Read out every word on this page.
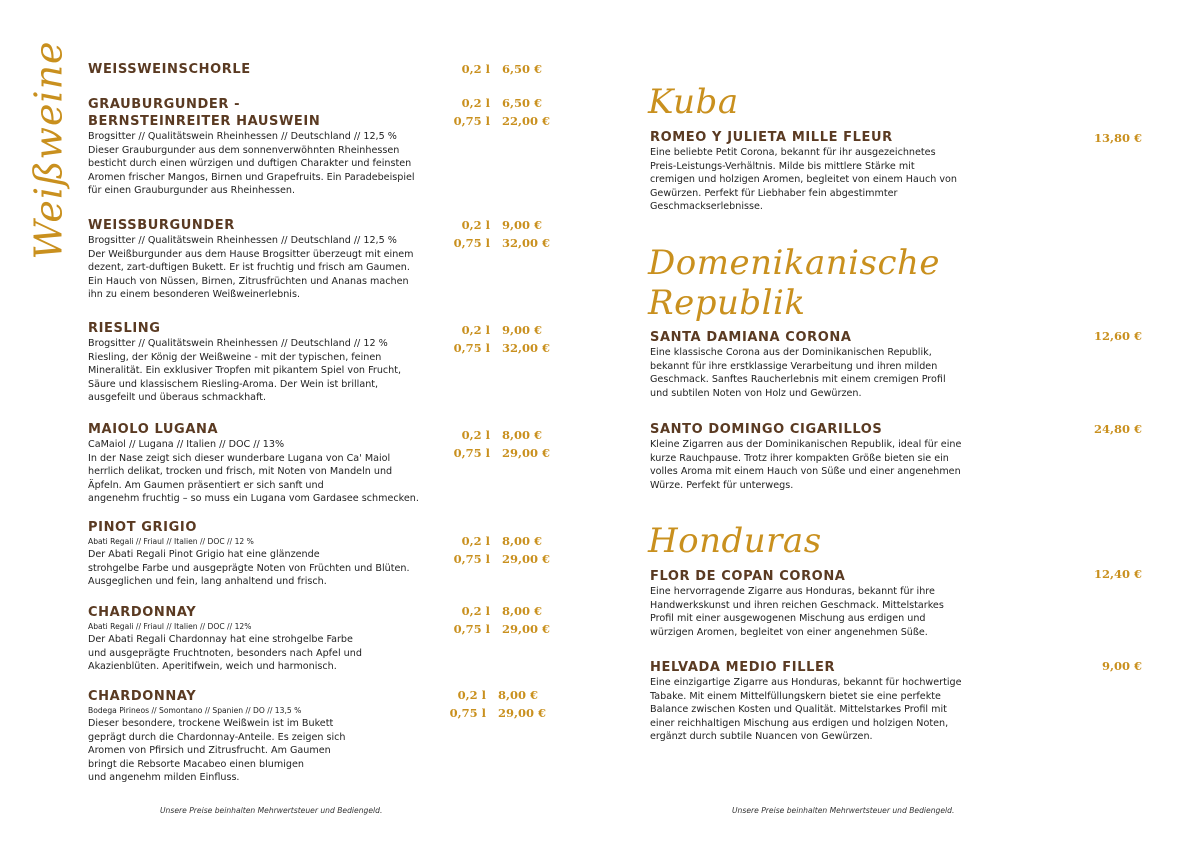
Weißweine WEISSWEINSCHORLE	0,2 l 6,50 €
GRAUBURGUNDER -
BERNSTEINREITER HAUSWEIN
Brogsitter // Qualitätswein Rheinhessen // Deutschland // 12,5 %
Dieser Grauburgunder aus dem sonnenverwöhnten Rheinhessen
besticht durch einen würzigen und duftigen Charakter und feinsten
Aromen frischer Mangos, Birnen und Grapefruits. Ein Paradebeispiel
für einen Grauburgunder aus Rheinhessen.
0,2 l 6,50 €
0,75 l 22,00 €
WEISSBURGUNDER
Brogsitter // Qualitätswein Rheinhessen // Deutschland // 12,5 %
Der Weißburgunder aus dem Hause Brogsitter überzeugt mit einem
dezent, zart-duftigen Bukett. Er ist fruchtig und frisch am Gaumen.
Ein Hauch von Nüssen, Birnen, Zitrusfrüchten und Ananas machen
ihn zu einem besonderen Weißweinerlebnis.
0,2 l 9,00 €
0,75 l 32,00 €
RIESLING
Brogsitter // Qualitätswein Rheinhessen // Deutschland // 12 %
Riesling, der König der Weißweine - mit der typischen, feinen
Mineralität. Ein exklusiver Tropfen mit pikantem Spiel von Frucht,
Säure und klassischem Riesling-Aroma. Der Wein ist brillant,
ausgefeilt und überaus schmackhaft.
0,2 l 9,00 €
0,75 l 32,00 €
MAIOLO LUGANA
CaMaiol // Lugana // Italien // DOC // 13%
In der Nase zeigt sich dieser wunderbare Lugana von Ca' Maiol
herrlich delikat, trocken und frisch, mit Noten von Mandeln und
Äpfeln. Am Gaumen präsentiert er sich sanft und
angenehm fruchtig – so muss ein Lugana vom Gardasee schmecken.
0,2 l 8,00 €
0,75 l 29,00 €
PINOT GRIGIO
Abati Regali // Friaul // Italien // DOC // 12 %
Der Abati Regali Pinot Grigio hat eine glänzende
strohgelbe Farbe und ausgeprägte Noten von Früchten und Blüten.
Ausgeglichen und fein, lang anhaltend und frisch.
0,2 l 8,00 €
0,75 l 29,00 €
CHARDONNAY
Abati Regali // Friaul // Italien // DOC // 12%
Der Abati Regali Chardonnay hat eine strohgelbe Farbe
und ausgeprägte Fruchtnoten, besonders nach Apfel und
Akazienblüten. Aperitifwein, weich und harmonisch.
0,2 l 8,00 €
0,75 l 29,00 €
CHARDONNAY
Bodega Pirineos // Somontano // Spanien // DO // 13,5 %
Dieser besondere, trockene Weißwein ist im Bukett
geprägt durch die Chardonnay-Anteile. Es zeigen sich
Aromen von Pfirsich und Zitrusfrucht. Am Gaumen
bringt die Rebsorte Macabeo einen blumigen
und angenehm milden Einfluss.
0,2 l 8,00 €
0,75 l 29,00 €
Unsere Preise beinhalten Mehrwertsteuer und Bediengeld.
Kuba
ROMEO Y JULIETA MILLE FLEUR
Eine beliebte Petit Corona, bekannt für ihr ausgezeichnetes
Preis-Leistungs-Verhältnis. Milde bis mittlere Stärke mit
cremigen und holzigen Aromen, begleitet von einem Hauch von
Gewürzen. Perfekt für Liebhaber fein abgestimmter
Geschmackserlebnisse.
13,80 €
Domenikanische
Republik
SANTA DAMIANA CORONA
Eine klassische Corona aus der Dominikanischen Republik,
bekannt für ihre erstklassige Verarbeitung und ihren milden
Geschmack. Sanftes Raucherlebnis mit einem cremigen Profil
und subtilen Noten von Holz und Gewürzen.
12,60 €
SANTO DOMINGO CIGARILLOS
Kleine Zigarren aus der Dominikanischen Republik, ideal für eine
kurze Rauchpause. Trotz ihrer kompakten Größe bieten sie ein
volles Aroma mit einem Hauch von Süße und einer angenehmen
Würze. Perfekt für unterwegs.
24,80 €
Honduras
FLOR DE COPAN CORONA
Eine hervorragende Zigarre aus Honduras, bekannt für ihre
Handwerkskunst und ihren reichen Geschmack. Mittelstarkes
Profil mit einer ausgewogenen Mischung aus erdigen und
würzigen Aromen, begleitet von einer angenehmen Süße.
12,40 €
HELVADA MEDIO FILLER
Eine einzigartige Zigarre aus Honduras, bekannt für hochwertige
Tabake. Mit einem Mittelfüllungskern bietet sie eine perfekte
Balance zwischen Kosten und Qualität. Mittelstarkes Profil mit
einer reichhaltigen Mischung aus erdigen und holzigen Noten,
ergänzt durch subtile Nuancen von Gewürzen.
9,00 €
Unsere Preise beinhalten Mehrwertsteuer und Bediengeld.
